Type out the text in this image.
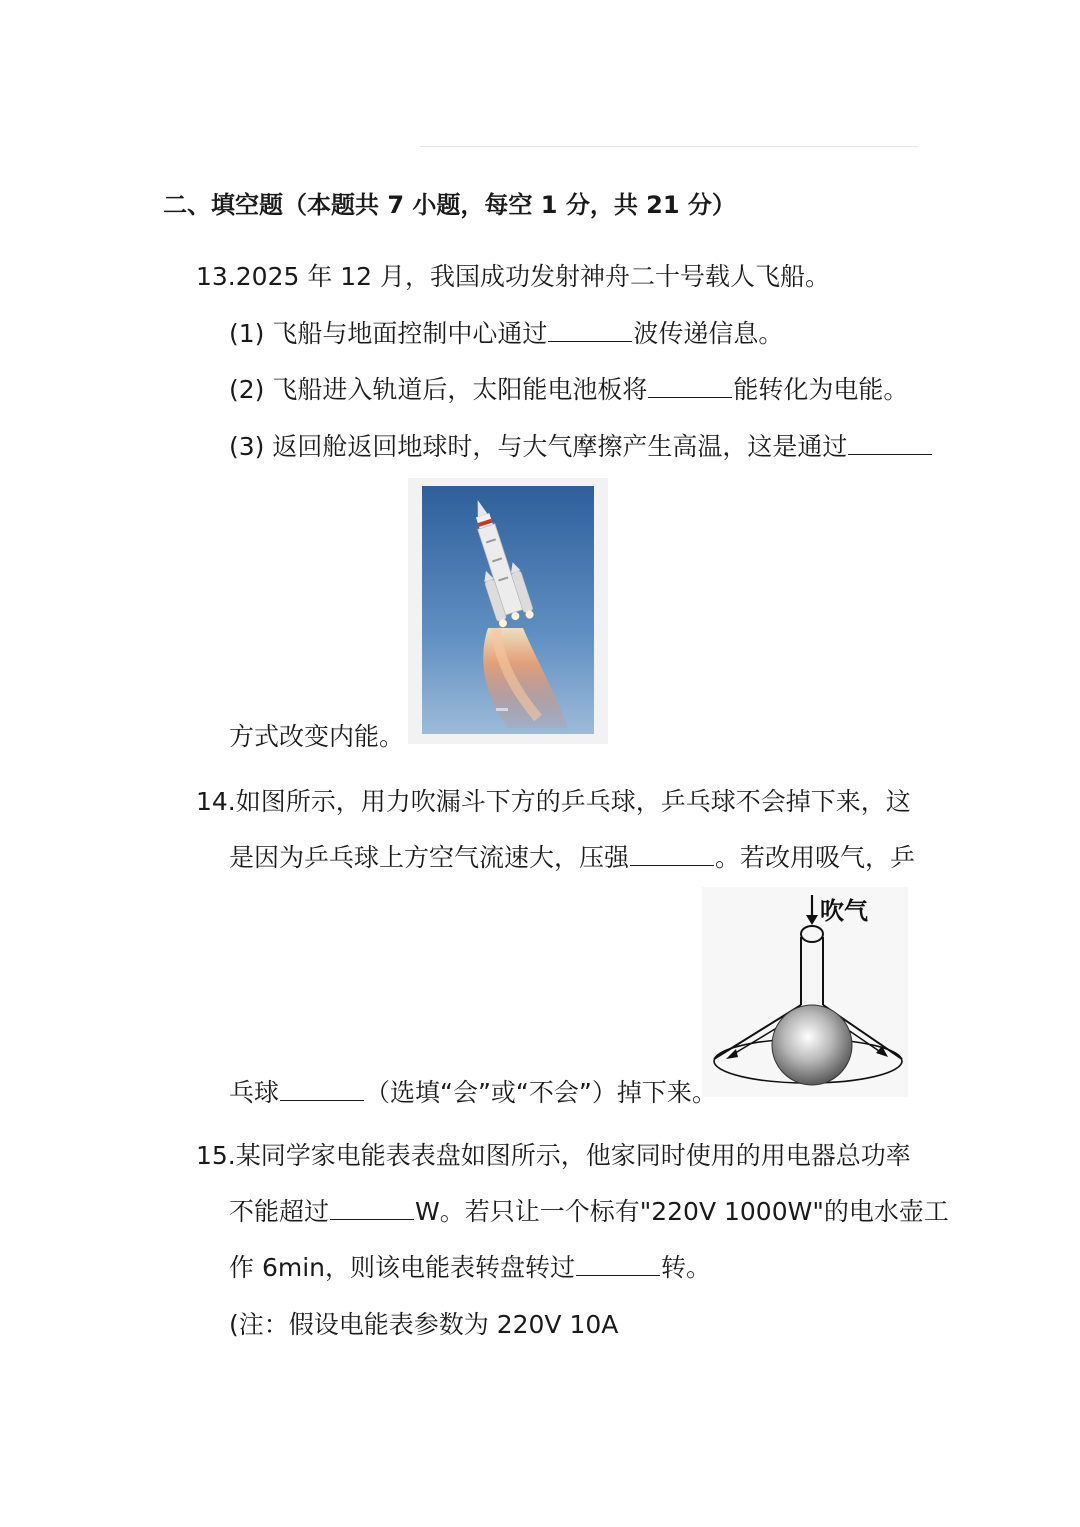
二、填空题（本题共 7 小题，每空 1 分，共 21 分）
13.2025 年 12 月，我国成功发射神舟二十号载人飞船。
(1) 飞船与地面控制中心通过	波传递信息。
(2) 飞船进入轨道后，太阳能电池板将	能转化为电能。
(3) 返回舱返回地球时，与大气摩擦产生高温，这是通过
方式改变内能。
14.如图所示，用力吹漏斗下方的乒乓球，乒乓球不会掉下来，这
是因为乒乓球上方空气流速大，压强	。若改用吸气，乒
吹气
乓球	（选填“会”或“不会”）掉下来。
15.某同学家电能表表盘如图所示，他家同时使用的用电器总功率
不能超过	W。若只让一个标有"220V 1000W"的电水壶工
作 6min，则该电能表转盘转过	转。
(注：假设电能表参数为 220V 10A
